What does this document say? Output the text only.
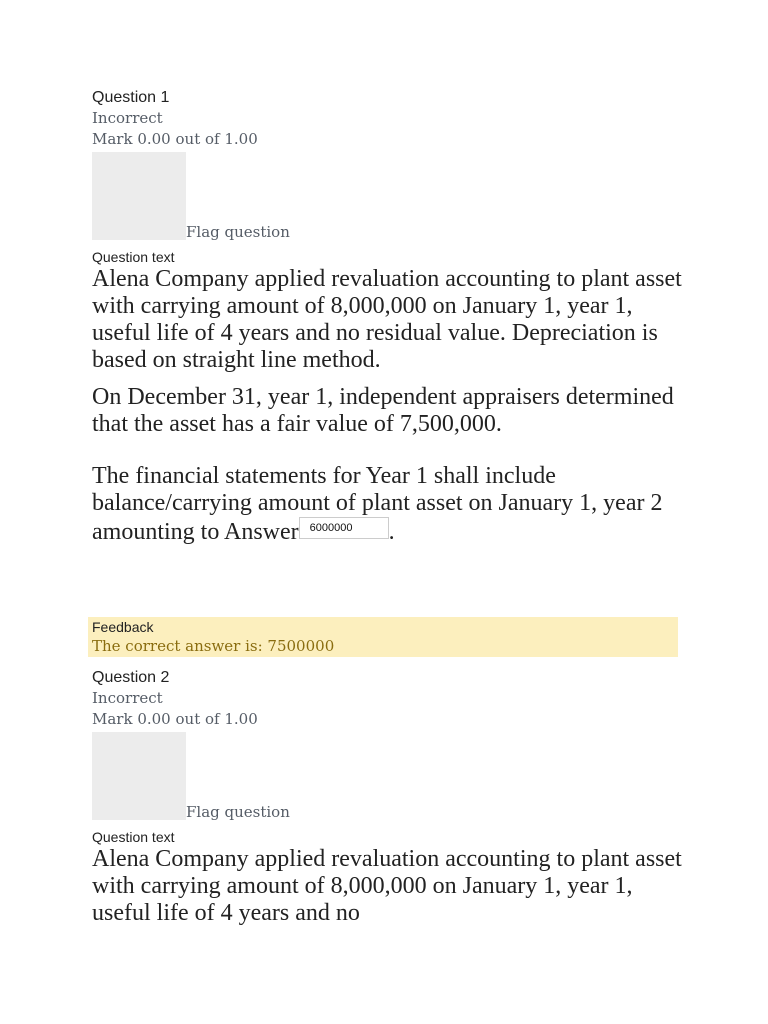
Question 1
Incorrect
Mark 0.00 out of 1.00
Flag question
Question text

Alena Company applied revaluation accounting to plant asset with carrying amount of 8,000,000 on January 1, year 1, useful life of 4 years and no residual value. Depreciation is based on straight line method.

On December 31, year 1, independent appraisers determined that the asset has a fair value of 7,500,000.

The financial statements for Year 1 shall include balance/carrying amount of plant asset on January 1, year 2 amounting to Answer6000000	.

Feedback
The correct answer is: 7500000
Question 2
Incorrect
Mark 0.00 out of 1.00
Flag question
Question text

Alena Company applied revaluation accounting to plant asset with carrying amount of 8,000,000 on January 1, year 1, useful life of 4 years and no
